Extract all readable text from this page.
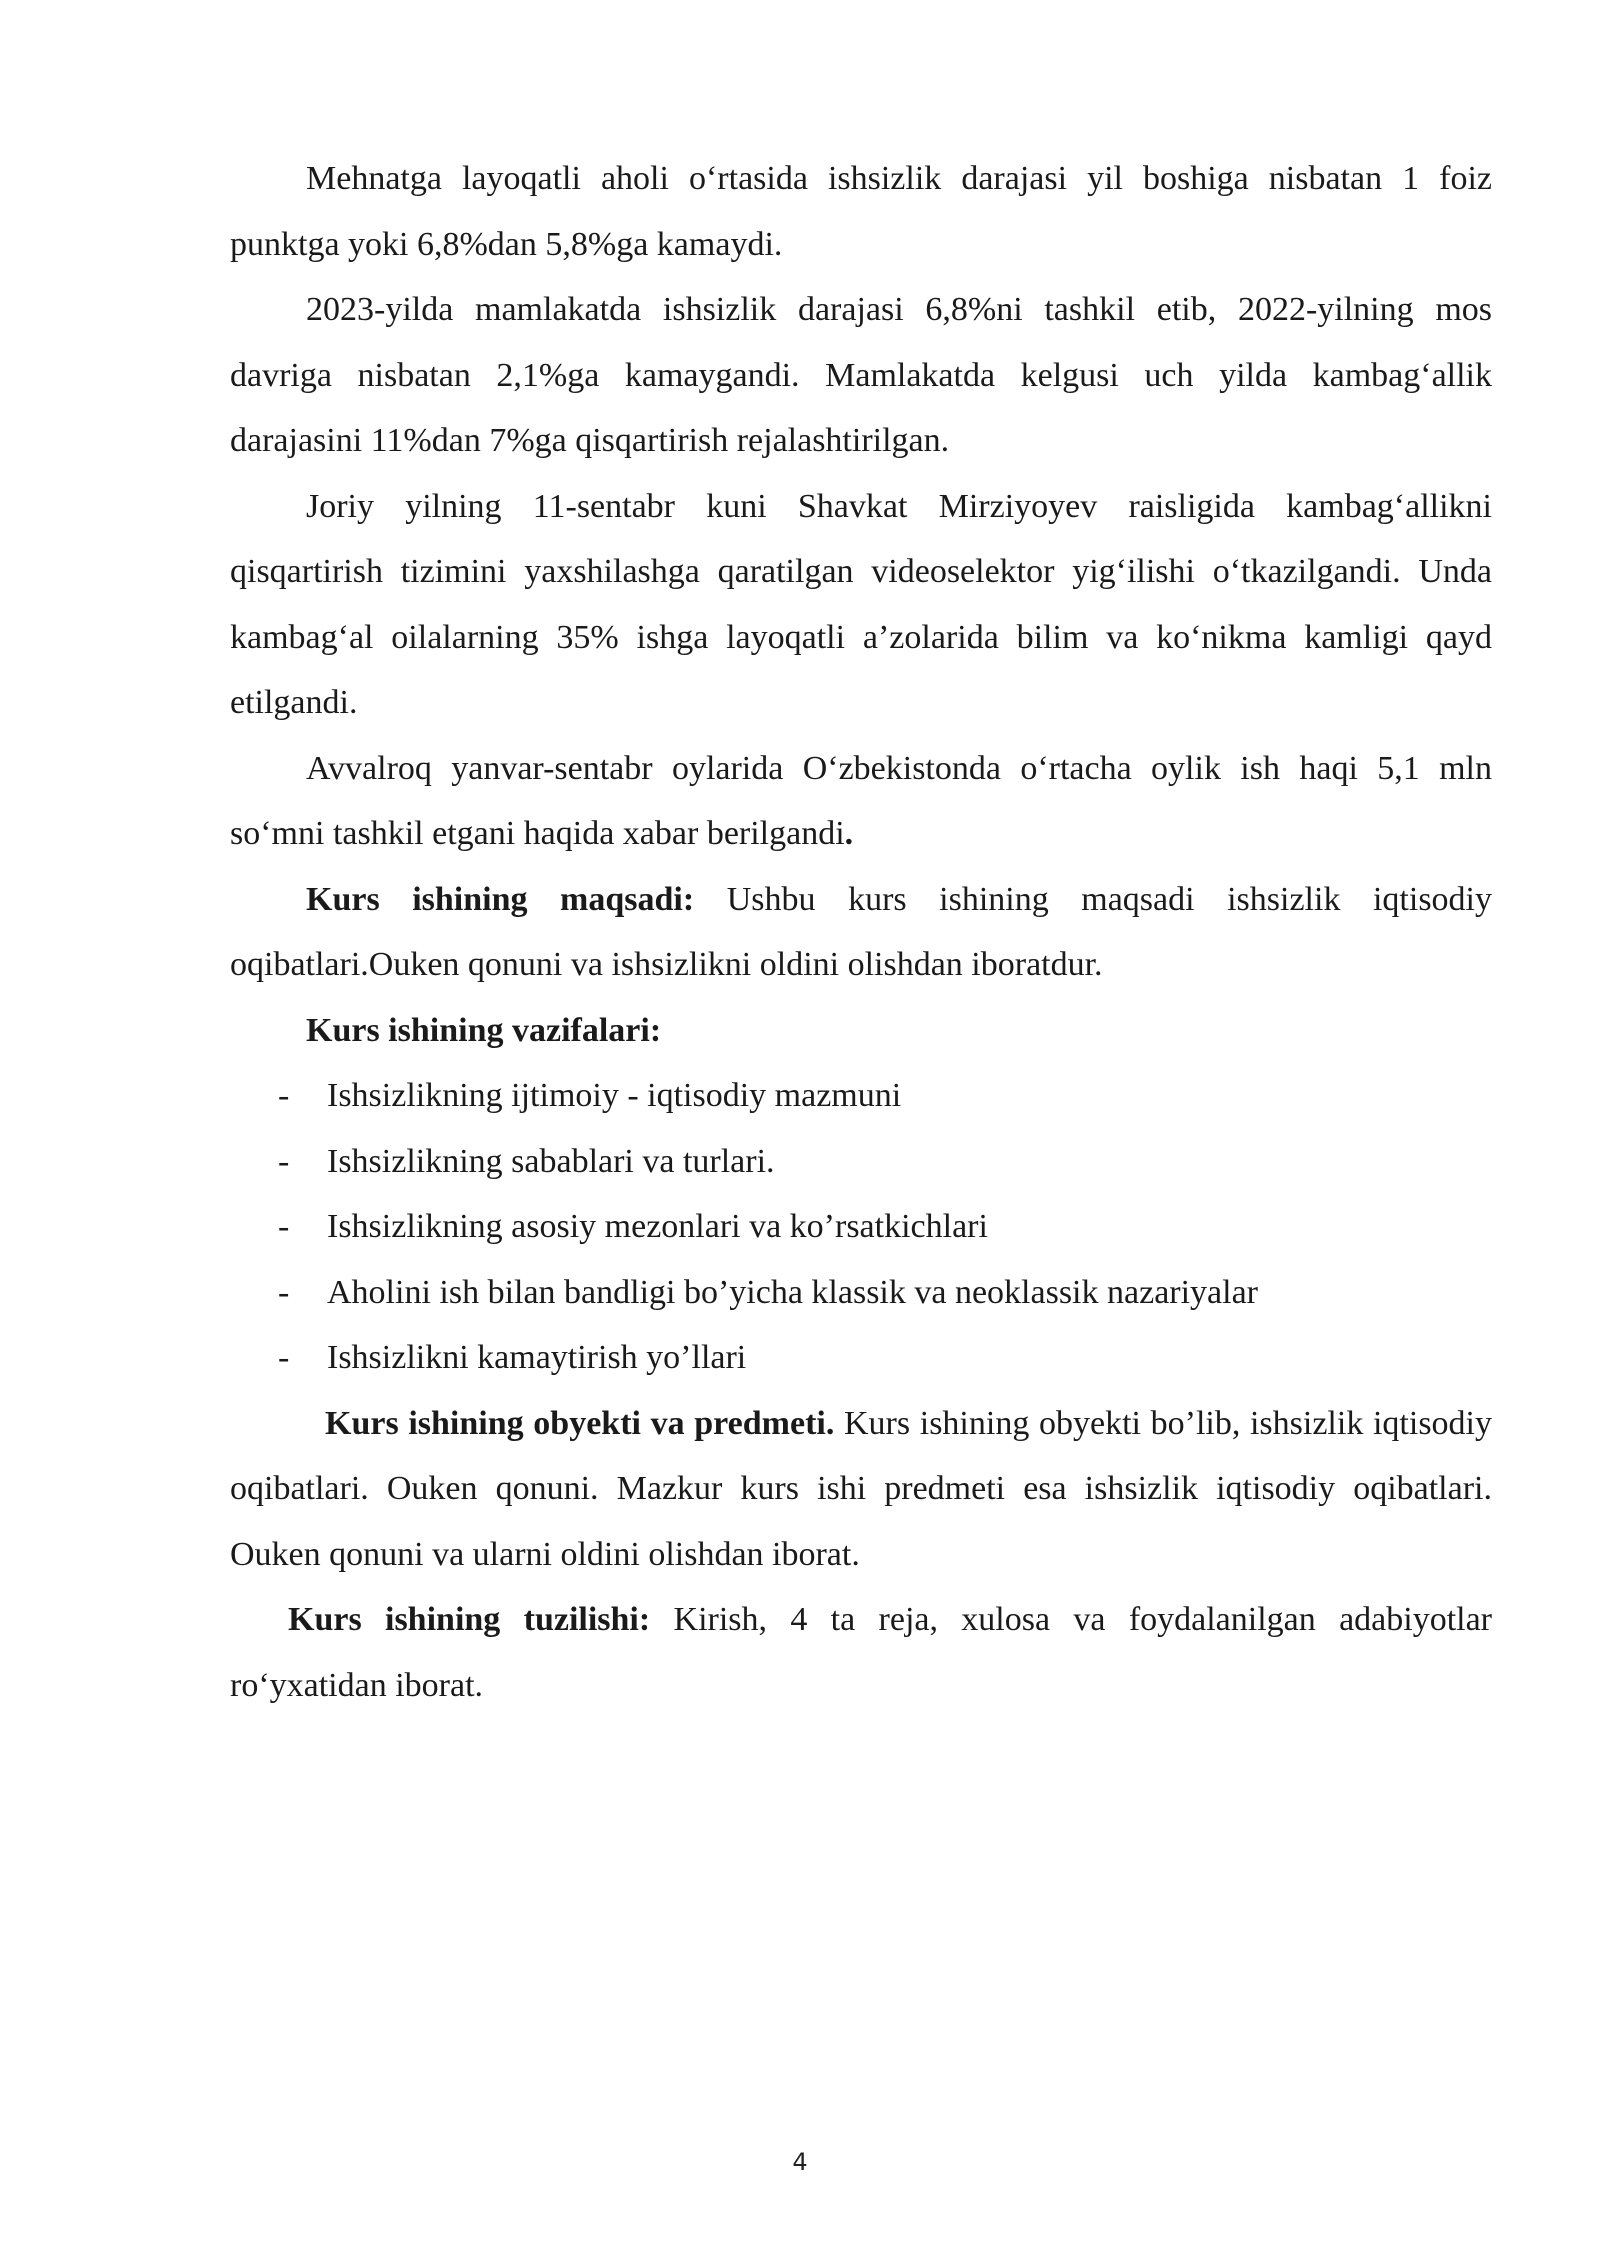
Mehnatga layoqatli aholi o‘rtasida ishsizlik darajasi yil boshiga nisbatan 1 foiz punktga yoki 6,8%dan 5,8%ga kamaydi.

2023-yilda mamlakatda ishsizlik darajasi 6,8%ni tashkil etib, 2022-yilning mos davriga nisbatan 2,1%ga kamaygandi. Mamlakatda kelgusi uch yilda kambag‘allik darajasini 11%dan 7%ga qisqartirish rejalashtirilgan.

Joriy yilning 11-sentabr kuni Shavkat Mirziyoyev raisligida kambag‘allikni qisqartirish tizimini yaxshilashga qaratilgan videoselektor yig‘ilishi o‘tkazilgandi. Unda kambag‘al oilalarning 35% ishga layoqatli a’zolarida bilim va ko‘nikma kamligi qayd etilgandi.

Avvalroq yanvar-sentabr oylarida O‘zbekistonda o‘rtacha oylik ish haqi 5,1 mln so‘mni tashkil etgani haqida xabar berilgandi.

Kurs ishining maqsadi: Ushbu kurs ishining maqsadi ishsizlik iqtisodiy oqibatlari.Ouken qonuni va ishsizlikni oldini olishdan iboratdur.

Kurs ishining vazifalari:

- Ishsizlikning ijtimoiy - iqtisodiy mazmuni
- Ishsizlikning sabablari va turlari.
- Ishsizlikning asosiy mezonlari va ko’rsatkichlari
- Aholini ish bilan bandligi bo’yicha klassik va neoklassik nazariyalar
- Ishsizlikni kamaytirish yo’llari

Kurs ishining obyekti va predmeti. Kurs ishining obyekti bo’lib, ishsizlik iqtisodiy oqibatlari. Ouken qonuni. Mazkur kurs ishi predmeti esa ishsizlik iqtisodiy oqibatlari. Ouken qonuni va ularni oldini olishdan iborat.

Kurs ishining tuzilishi: Kirish, 4 ta reja, xulosa va foydalanilgan adabiyotlar ro‘yxatidan iborat.

4
